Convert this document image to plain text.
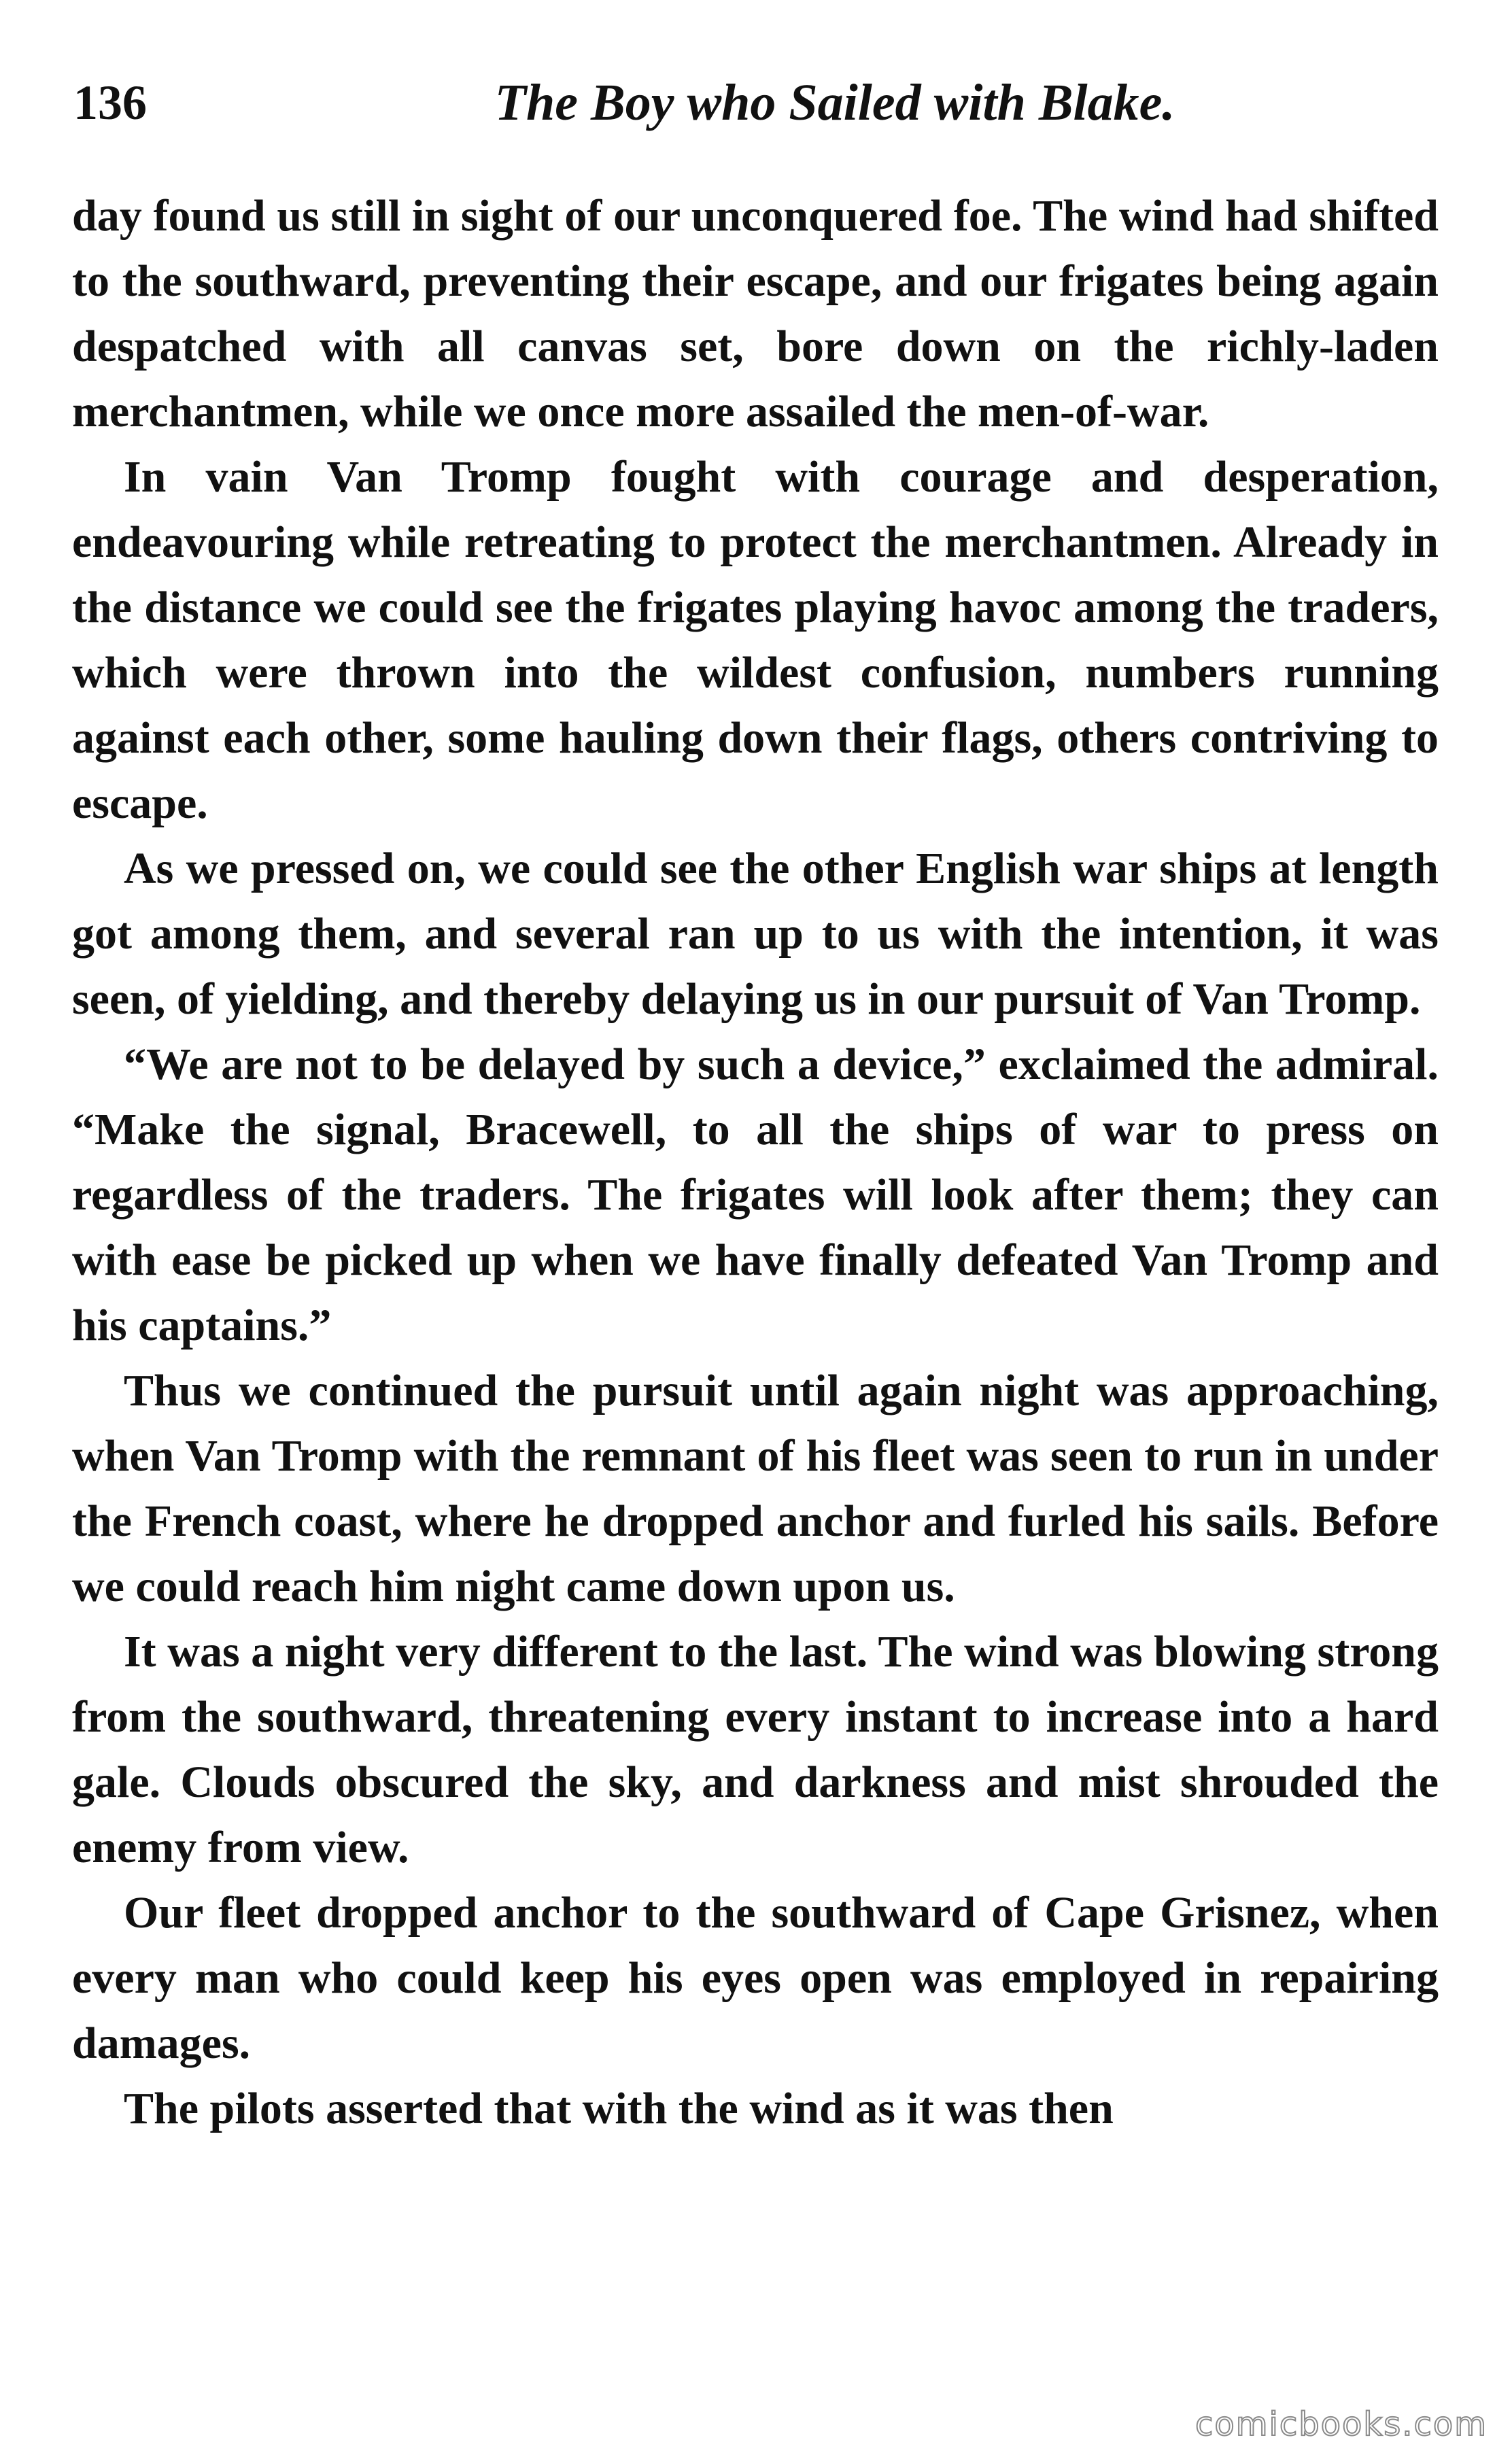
136	The Boy who Sailed with Blake.

day found us still in sight of our unconquered foe. The wind had shifted to the southward, preventing their escape, and our frigates being again despatched with all canvas set, bore down on the richly-laden merchantmen, while we once more assailed the men-of-war.

In vain Van Tromp fought with courage and desperation, endeavouring while retreating to protect the merchantmen. Already in the distance we could see the frigates playing havoc among the traders, which were thrown into the wildest confusion, numbers running against each other, some hauling down their flags, others contriving to escape.

As we pressed on, we could see the other English war ships at length got among them, and several ran up to us with the intention, it was seen, of yielding, and thereby delaying us in our pursuit of Van Tromp.

“We are not to be delayed by such a device,” exclaimed the admiral. “Make the signal, Bracewell, to all the ships of war to press on regardless of the traders. The frigates will look after them; they can with ease be picked up when we have finally defeated Van Tromp and his captains.”

Thus we continued the pursuit until again night was approaching, when Van Tromp with the remnant of his fleet was seen to run in under the French coast, where he dropped anchor and furled his sails. Before we could reach him night came down upon us.

It was a night very different to the last. The wind was blowing strong from the southward, threatening every instant to increase into a hard gale. Clouds obscured the sky, and darkness and mist shrouded the enemy from view.

Our fleet dropped anchor to the southward of Cape Grisnez, when every man who could keep his eyes open was employed in repairing damages.

The pilots asserted that with the wind as it was then

comicbooks.com
